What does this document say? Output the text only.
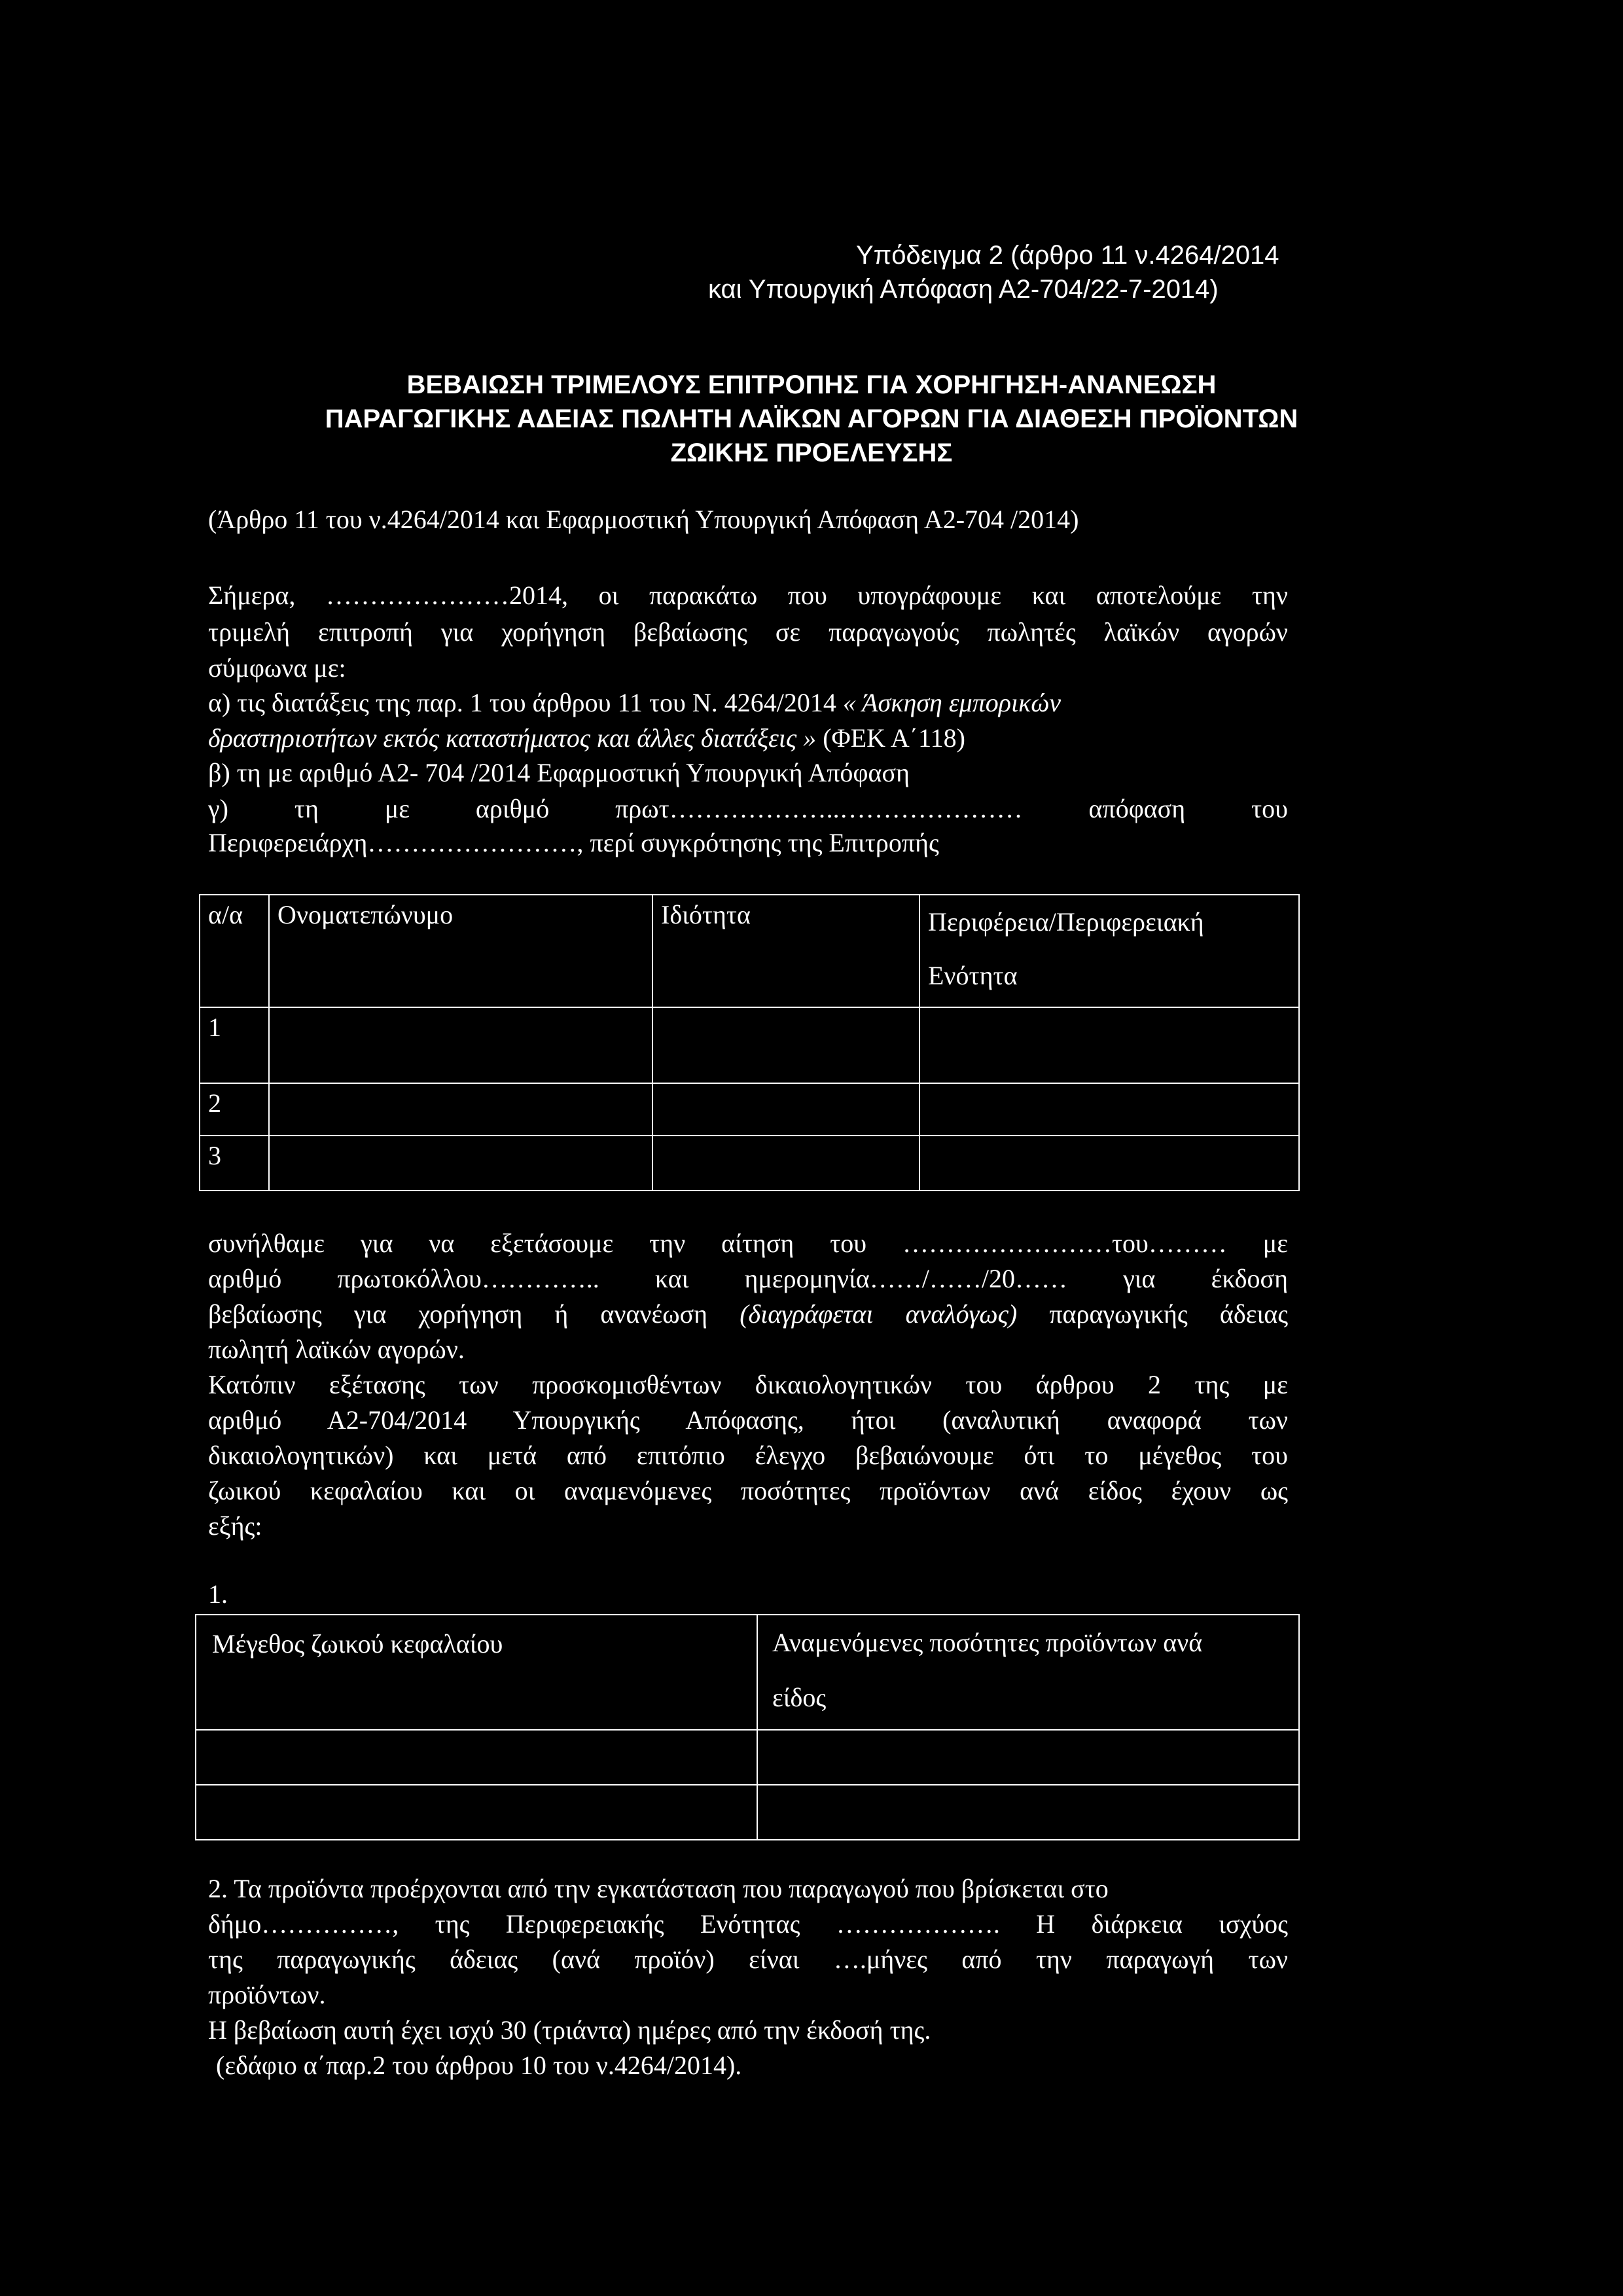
Υπόδειγμα 2 (άρθρο 11 ν.4264/2014
και Υπουργική Απόφαση Α2-704/22-7-2014)
ΒΕΒΑΙΩΣΗ ΤΡΙΜΕΛΟΥΣ ΕΠΙΤΡΟΠΗΣ ΓΙΑ ΧΟΡΗΓΗΣΗ-ΑΝΑΝΕΩΣΗ
ΠΑΡΑΓΩΓΙΚΗΣ ΑΔΕΙΑΣ ΠΩΛΗΤΗ ΛΑΪΚΩΝ ΑΓΟΡΩΝ ΓΙΑ ΔΙΑΘΕΣΗ ΠΡΟΪΟΝΤΩΝ
ΖΩΙΚΗΣ ΠΡΟΕΛΕΥΣΗΣ
(Άρθρο 11 του ν.4264/2014 και Εφαρμοστική Υπουργική Απόφαση Α2-704 /2014)
Σήμερα, …………………2014, οι παρακάτω που υπογράφουμε και αποτελούμε την
τριμελή επιτροπή για χορήγηση βεβαίωσης σε παραγωγούς πωλητές λαϊκών αγορών
σύμφωνα με:
α) τις διατάξεις της παρ. 1 του άρθρου 11 του Ν. 4264/2014 « Άσκηση εμπορικών
δραστηριοτήτων εκτός καταστήματος και άλλες διατάξεις » (ΦΕΚ Α΄118)
β) τη με αριθμό Α2- 704 /2014 Εφαρμοστική Υπουργική Απόφαση
γ) τη με αριθμό πρωτ………………..………………… απόφαση του
Περιφερειάρχη……………………, περί συγκρότησης της Επιτροπής
α/α	Ονοματεπώνυμο	Ιδιότητα	Περιφέρεια/Περιφερειακή
Ενότητα
1			
2			
3			
συνήλθαμε για να εξετάσουμε την αίτηση του ……………………του……… με
αριθμό πρωτοκόλλου………….. και ημερομηνία……/……/20…… για έκδοση
βεβαίωσης για χορήγηση ή ανανέωση (διαγράφεται αναλόγως) παραγωγικής άδειας
πωλητή λαϊκών αγορών.
Κατόπιν εξέτασης των προσκομισθέντων δικαιολογητικών του άρθρου 2 της με
αριθμό Α2-704/2014 Υπουργικής Απόφασης, ήτοι (αναλυτική αναφορά των
δικαιολογητικών) και μετά από επιτόπιο έλεγχο βεβαιώνουμε ότι το μέγεθος του
ζωικού κεφαλαίου και οι αναμενόμενες ποσότητες προϊόντων ανά είδος έχουν ως
εξής:
1.
Μέγεθος ζωικού κεφαλαίου	Αναμενόμενες ποσότητες προϊόντων ανά
είδος

2. Τα προϊόντα προέρχονται από την εγκατάσταση που παραγωγού που βρίσκεται στο
δήμο……………, της Περιφερειακής Ενότητας ………………. Η διάρκεια ισχύος
της παραγωγικής άδειας (ανά προϊόν) είναι ….μήνες από την παραγωγή των
προϊόντων.
Η βεβαίωση αυτή έχει ισχύ 30 (τριάντα) ημέρες από την έκδοσή της.
(εδάφιο α΄παρ.2 του άρθρου 10 του ν.4264/2014).
